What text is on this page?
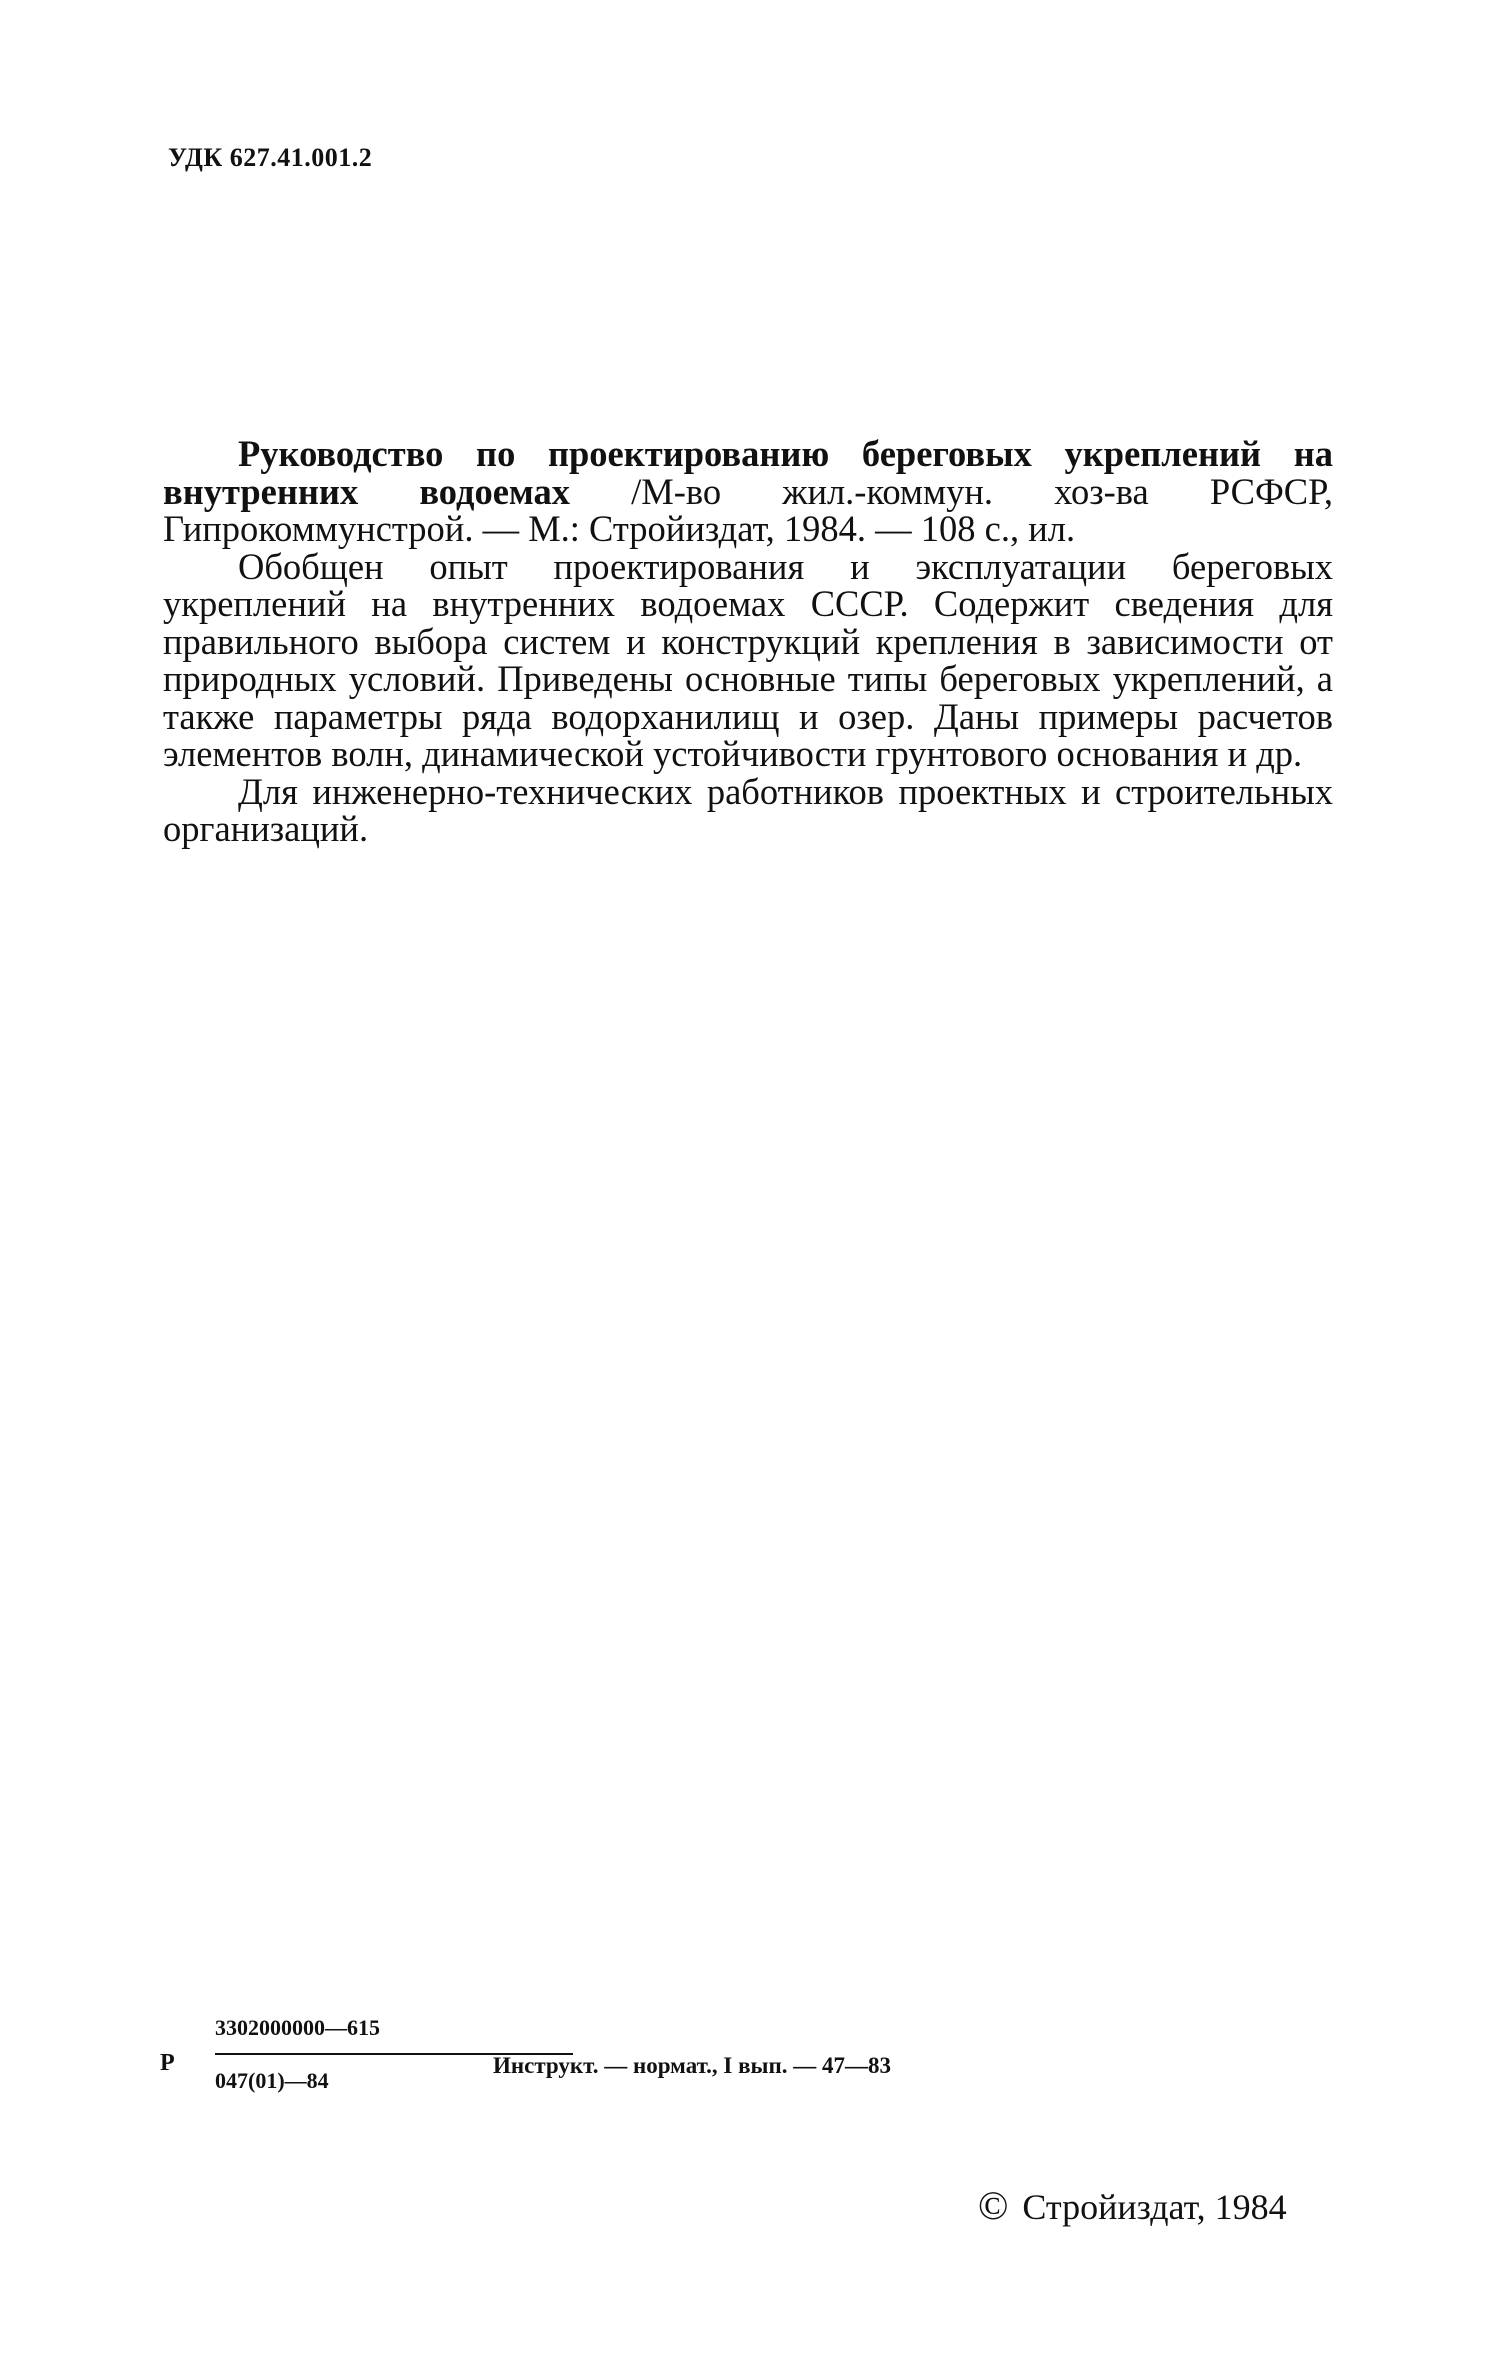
УДК 627.41.001.2

Руководство по проектированию береговых укреплений на внутренних водоемах /М-во жил.-коммун. хоз-ва РСФСР, Гипрокоммунстрой. — М.: Стройиздат, 1984. — 108 с., ил.

Обобщен опыт проектирования и эксплуатации береговых укреплений на внутренних водоемах СССР. Содержит сведения для правильного выбора систем и конструкций крепления в зависимости от природных условий. Приведены основные типы береговых укреплений, а также параметры ряда водорханилищ и озер. Даны примеры расчетов элементов волн, динамической устойчивости грунтового основания и др.

Для инженерно-технических работников проектных и строительных организаций.

Р
3302000000—615
047(01)—84
Инструкт. — нормат., I вып. — 47—83
© Стройиздат, 1984
